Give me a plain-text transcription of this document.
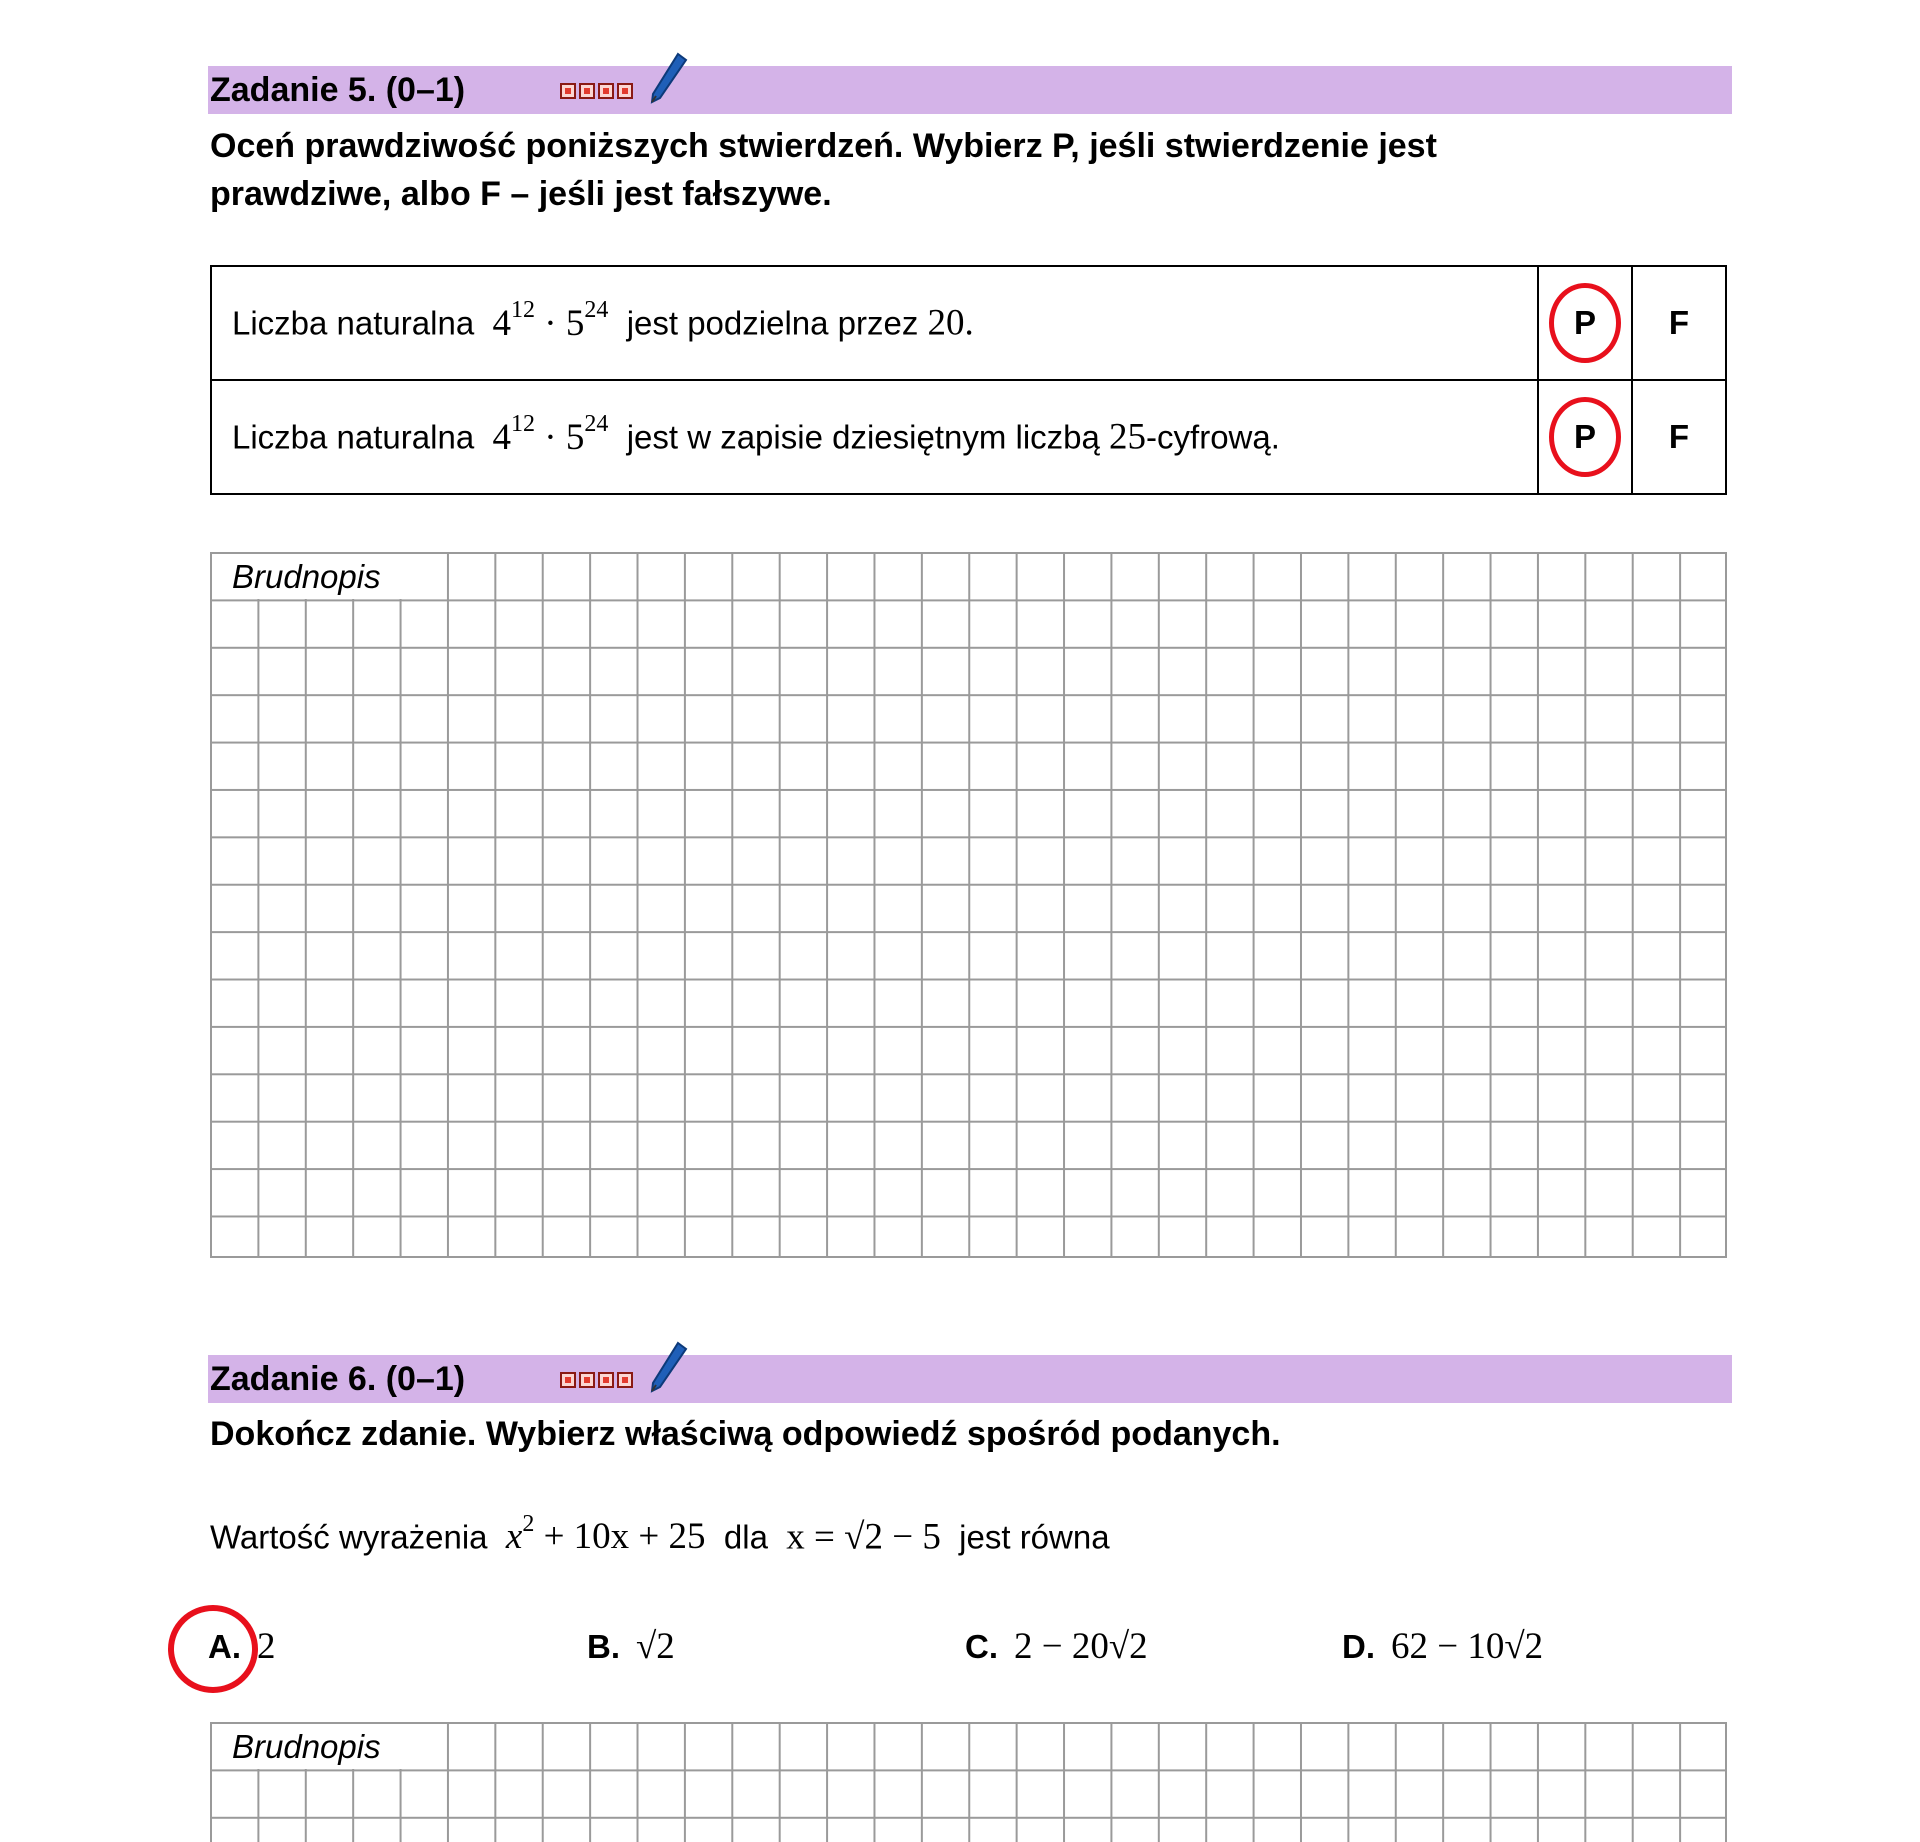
Zadanie 5. (0–1)
Oceń prawdziwość poniższych stwierdzeń. Wybierz P, jeśli stwierdzenie jest
prawdziwe, albo F – jeśli jest fałszywe.
Liczba naturalna $4^{12} \cdot 5^{24}$ jest podzielna przez 20.	P	F
Liczba naturalna $4^{12} \cdot 5^{24}$ jest w zapisie dziesiętnym liczbą 25-cyfrową.	P	F
Brudnopis
Zadanie 6. (0–1)
Dokończ zdanie. Wybierz właściwą odpowiedź spośród podanych.
Wartość wyrażenia $x^2 + 10x + 25$ dla x = √2 − 5 jest równa
A. 2	B. √2	C. 2 − 20√2	D. 62 − 10√2
Brudnopis
